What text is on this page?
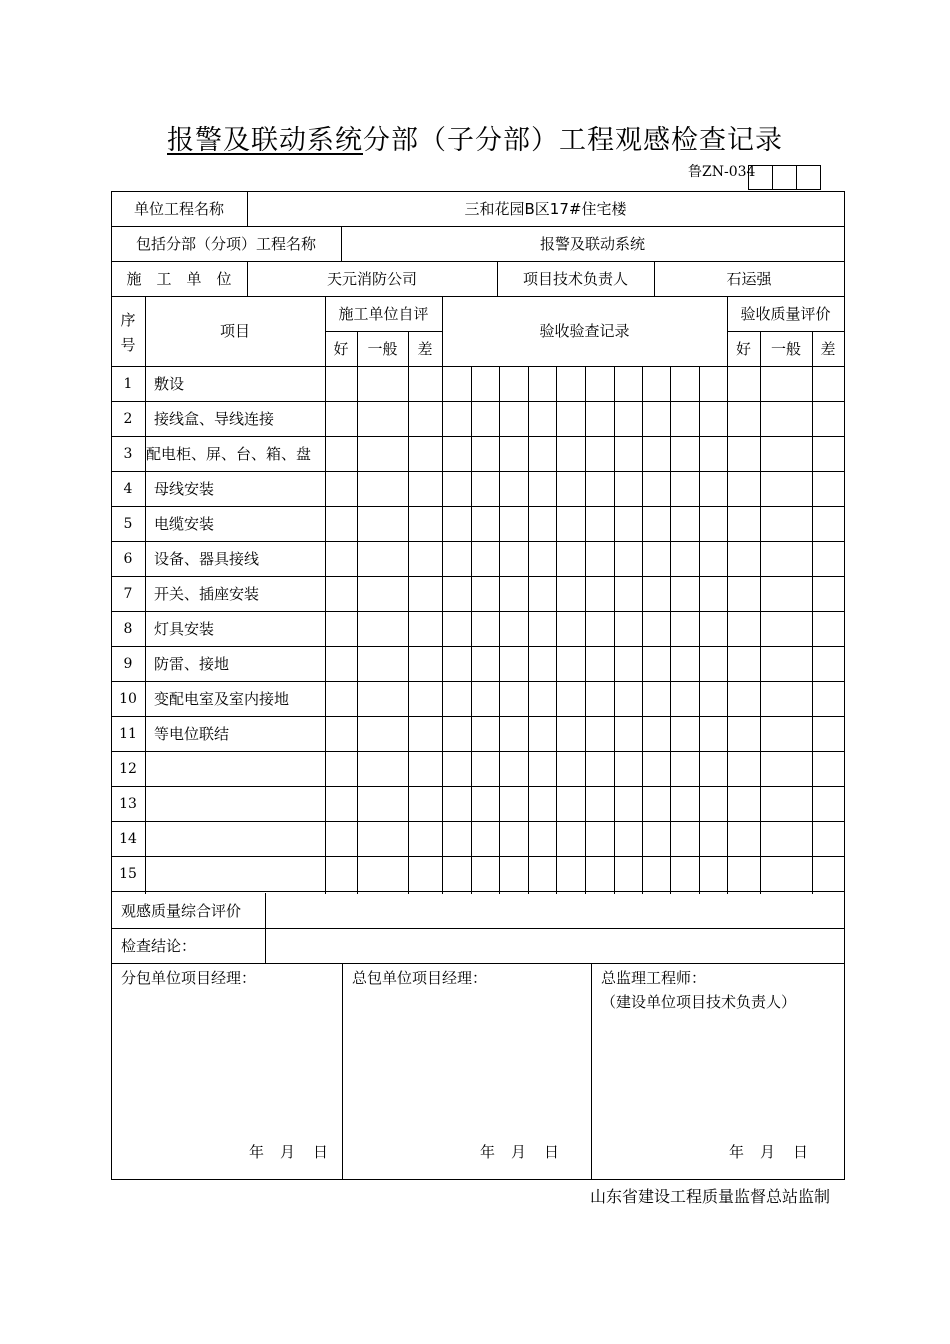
报警及联动系统分部（子分部）工程观感检查记录
鲁ZN-034
单位工程名称	三和花园B区17#住宅楼
包括分部（分项）工程名称	报警及联动系统
施　工　单　位	天元消防公司	项目技术负责人	石运强
序
号
项目
施工单位自评
验收验查记录
验收质量评价
好	一般	差	好	一般	差
1	敷设
2	接线盒、导线连接
3 配电柜、屏、台、箱、盘
4	母线安装
5	电缆安装
6	设备、器具接线
7	开关、插座安装
8	灯具安装
9	防雷、接地
10	变配电室及室内接地
11	等电位联结
12
13
14
15
观感质量综合评价
检查结论：
分包单位项目经理：	总包单位项目经理：	总监理工程师：
（建设单位项目技术负责人）
年 月 日	年 月 日	年 月 日
山东省建设工程质量监督总站监制
